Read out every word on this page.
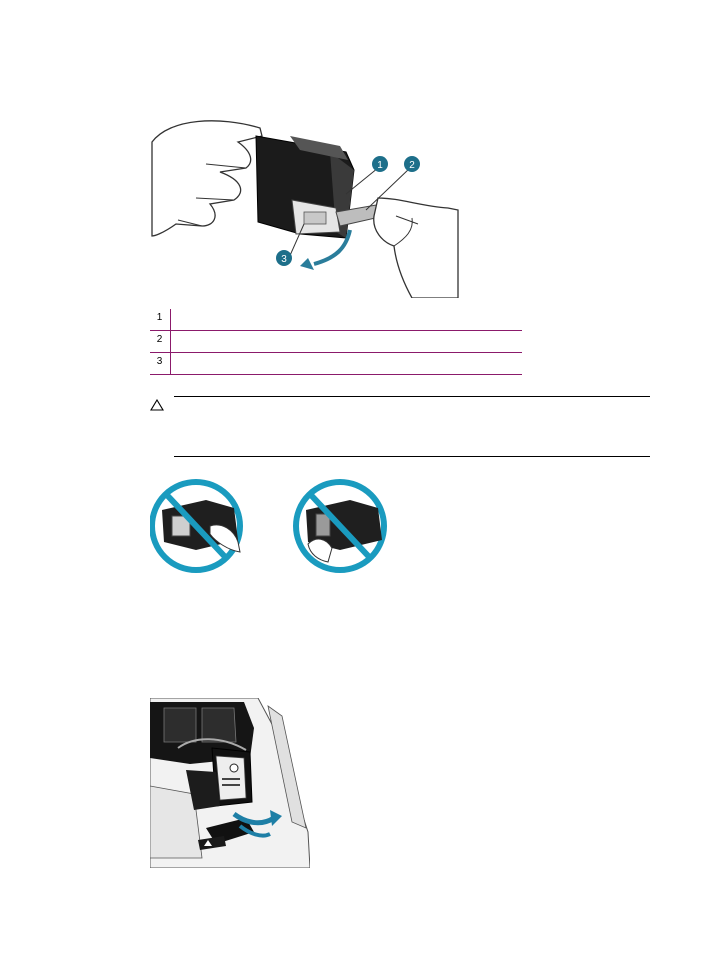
1	2
3
1
2
3
